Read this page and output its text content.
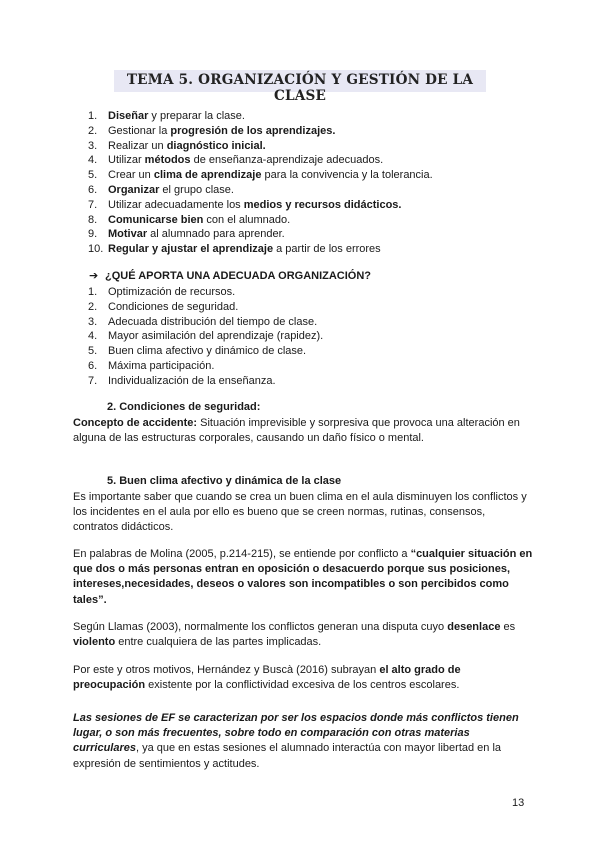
TEMA 5. ORGANIZACIÓN Y GESTIÓN DE LA CLASE
1. Diseñar y preparar la clase.
2. Gestionar la progresión de los aprendizajes.
3. Realizar un diagnóstico inicial.
4. Utilizar métodos de enseñanza-aprendizaje adecuados.
5. Crear un clima de aprendizaje para la convivencia y la tolerancia.
6. Organizar el grupo clase.
7. Utilizar adecuadamente los medios y recursos didácticos.
8. Comunicarse bien con el alumnado.
9. Motivar al alumnado para aprender.
10. Regular y ajustar el aprendizaje a partir de los errores
➔ ¿QUÉ APORTA UNA ADECUADA ORGANIZACIÓN?
1. Optimización de recursos.
2. Condiciones de seguridad.
3. Adecuada distribución del tiempo de clase.
4. Mayor asimilación del aprendizaje (rapidez).
5. Buen clima afectivo y dinámico de clase.
6. Máxima participación.
7. Individualización de la enseñanza.
2. Condiciones de seguridad:

Concepto de accidente: Situación imprevisible y sorpresiva que provoca una alteración en alguna de las estructuras corporales, causando un daño físico o mental.

5. Buen clima afectivo y dinámica de la clase

Es importante saber que cuando se crea un buen clima en el aula disminuyen los conflictos y los incidentes en el aula por ello es bueno que se creen normas, rutinas, consensos, contratos didácticos.

En palabras de Molina (2005, p.214-215), se entiende por conflicto a “cualquier situación en que dos o más personas entran en oposición o desacuerdo porque sus posiciones, intereses,necesidades, deseos o valores son incompatibles o son percibidos como tales”.

Según Llamas (2003), normalmente los conflictos generan una disputa cuyo desenlace es violento entre cualquiera de las partes implicadas.

Por este y otros motivos, Hernández y Buscà (2016) subrayan el alto grado de preocupación existente por la conflictividad excesiva de los centros escolares.

Las sesiones de EF se caracterizan por ser los espacios donde más conflictos tienen lugar, o son más frecuentes, sobre todo en comparación con otras materias curriculares, ya que en estas sesiones el alumnado interactúa con mayor libertad en la expresión de sentimientos y actitudes.

13
